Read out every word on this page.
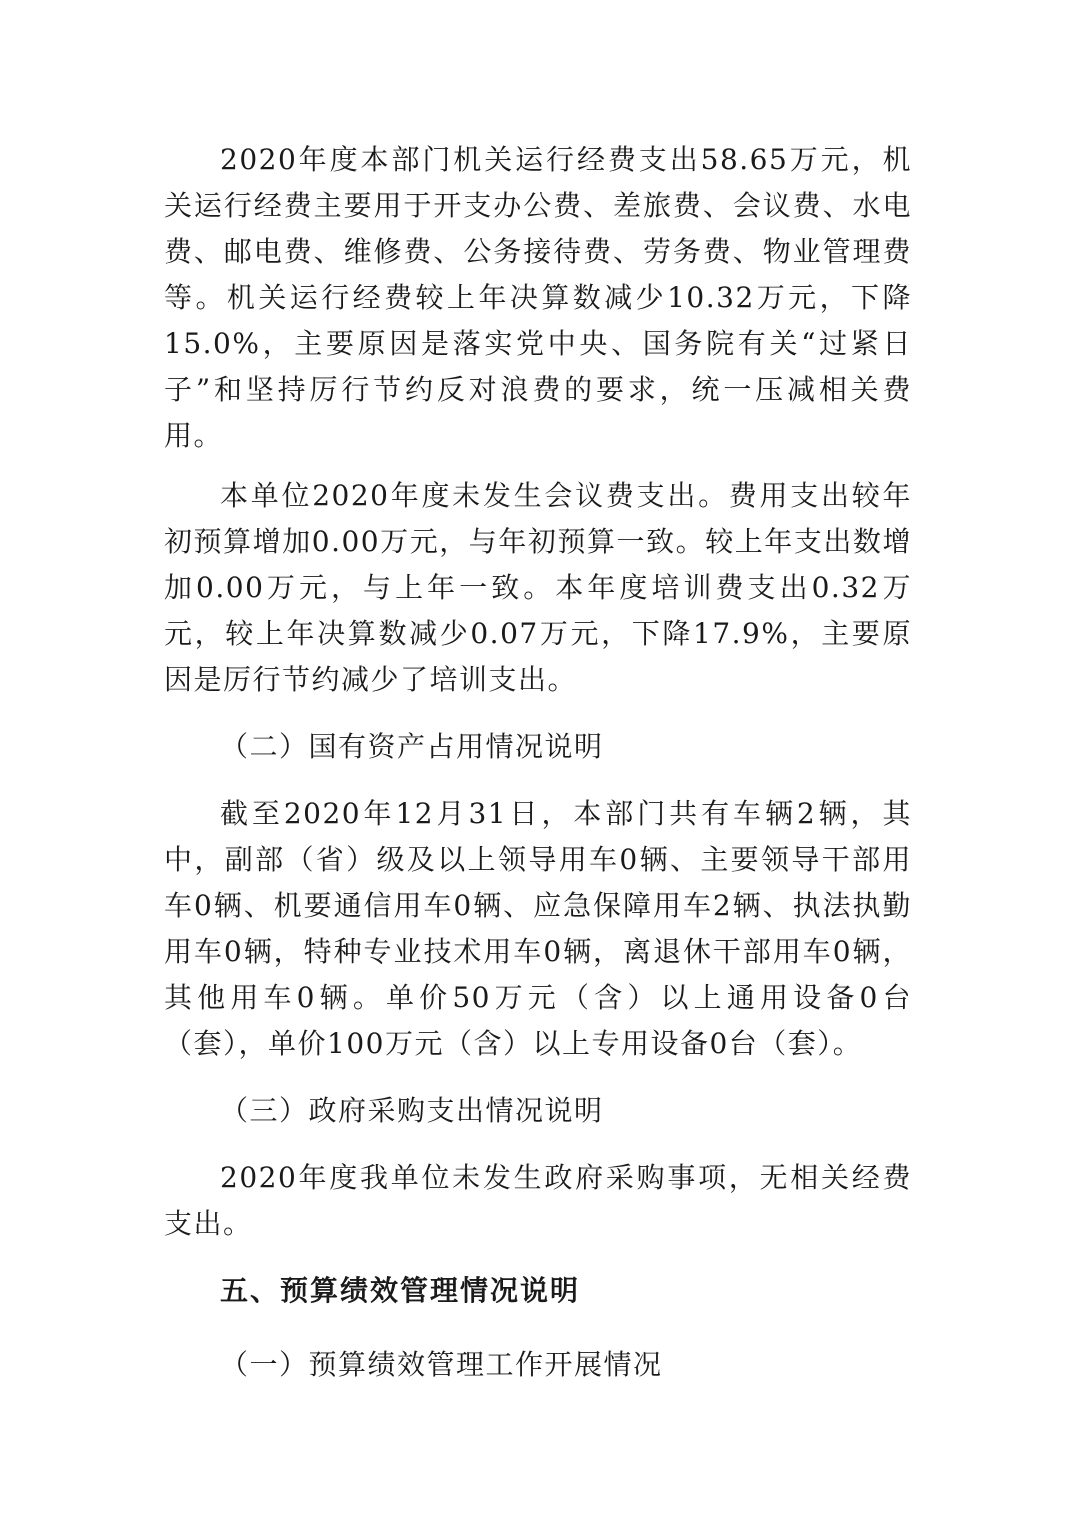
2020年度本部门机关运行经费支出58.65万元，机关运行经费主要用于开支办公费、差旅费、会议费、水电费、邮电费、维修费、公务接待费、劳务费、物业管理费等。机关运行经费较上年决算数减少10.32万元，下降15.0%，主要原因是落实党中央、国务院有关“过紧日子”和坚持厉行节约反对浪费的要求，统一压减相关费用。

本单位2020年度未发生会议费支出。费用支出较年初预算增加0.00万元，与年初预算一致。较上年支出数增加0.00万元，与上年一致。本年度培训费支出0.32万元，较上年决算数减少0.07万元，下降17.9%，主要原因是厉行节约减少了培训支出。

（二）国有资产占用情况说明

截至2020年12月31日，本部门共有车辆2辆，其中，副部（省）级及以上领导用车0辆、主要领导干部用车0辆、机要通信用车0辆、应急保障用车2辆、执法执勤用车0辆，特种专业技术用车0辆，离退休干部用车0辆，其他用车0辆。单价50万元（含）以上通用设备0台（套），单价100万元（含）以上专用设备0台（套）。

（三）政府采购支出情况说明

2020年度我单位未发生政府采购事项，无相关经费支出。

五、预算绩效管理情况说明

（一）预算绩效管理工作开展情况
